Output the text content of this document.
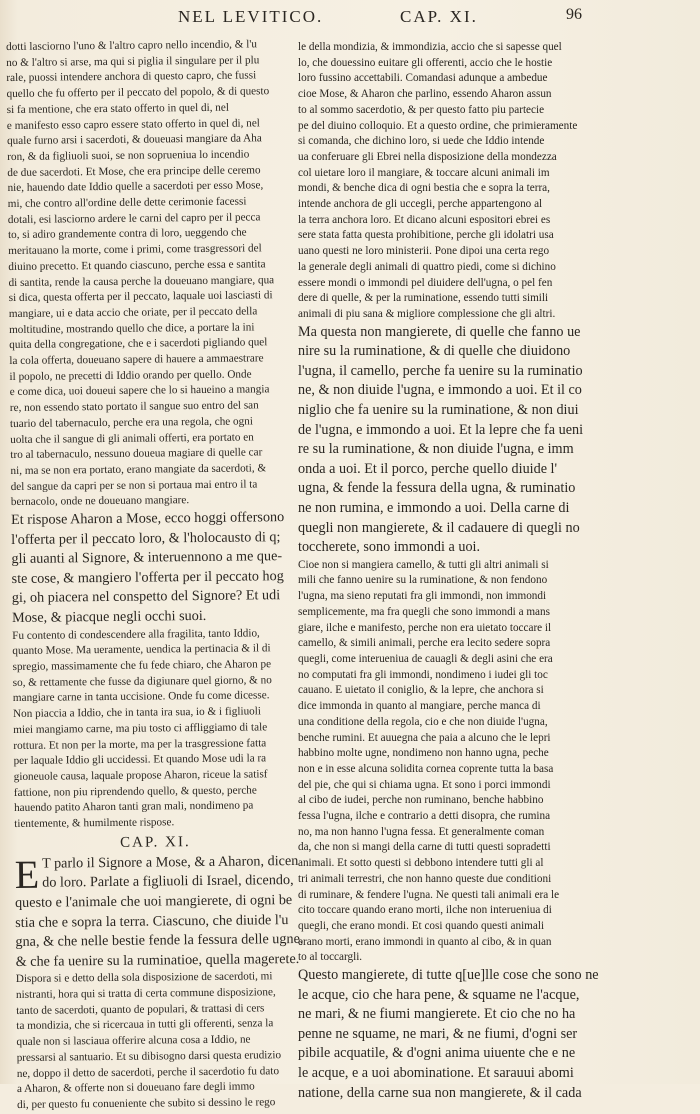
NEL LEVITICO.	CAP. XI.	96
dotti lasciorno l'uno & l'altro capro nello incendio, & l'u
no & l'altro si arse, ma qui si piglia il singulare per il plu
rale, puossi intendere anchora di questo capro, che fussi
quello che fu offerto per il peccato del popolo, & di questo
si fa mentione, che era stato offerto in quel di, nel
e manifesto esso capro essere stato offerto in quel di, nel
quale furno arsi i sacerdoti, & doueuasi mangiare da Aha
ron, & da figliuoli suoi, se non soprueniua lo incendio
de due sacerdoti. Et Mose, che era principe delle ceremo
nie, hauendo date Iddio quelle a sacerdoti per esso Mose,
mi, che contro all'ordine delle dette cerimonie facessi
dotali, esi lasciorno ardere le carni del capro per il pecca
to, si adiro grandemente contra di loro, ueggendo che
meritauano la morte, come i primi, come trasgressori del
diuino precetto. Et quando ciascuno, perche essa e santita
di santita, rende la causa perche la doueuano mangiare, qua
si dica, questa offerta per il peccato, laquale uoi lasciasti di
mangiare, ui e data accio che oriate, per il peccato della
moltitudine, mostrando quello che dice, a portare la ini
quita della congregatione, che e i sacerdoti pigliando quel
la cola offerta, doueuano sapere di hauere a ammaestrare
il popolo, ne precetti di Iddio orando per quello. Onde
e come dica, uoi doueui sapere che lo si haueino a mangia
re, non essendo stato portato il sangue suo entro del san
tuario del tabernaculo, perche era una regola, che ogni
uolta che il sangue di gli animali offerti, era portato en
tro al tabernaculo, nessuno doueua magiare di quelle car
ni, ma se non era portato, erano mangiate da sacerdoti, &
del sangue da capri per se non si portaua mai entro il ta
bernacolo, onde ne doueuano mangiare.
Et rispose Aharon a Mose, ecco hoggi offersono
l'offerta per il peccato loro, & l'holocausto di q;
gli auanti al Signore, & interuennono a me que-
ste cose, & mangiero l'offerta per il peccato hog
gi, oh piacera nel conspetto del Signore? Et udi
Mose, & piacque negli occhi suoi.
Fu contento di condescendere alla fragilita, tanto Iddio,
quanto Mose. Ma ueramente, uendica la pertinacia & il di
spregio, massimamente che fu fede chiaro, che Aharon pe
so, & rettamente che fusse da digiunare quel giorno, & no
mangiare carne in tanta uccisione. Onde fu come dicesse.
Non piaccia a Iddio, che in tanta ira sua, io & i figliuoli
miei mangiamo carne, ma piu tosto ci affliggiamo di tale
rottura. Et non per la morte, ma per la trasgressione fatta
per laquale Iddio gli uccidessi. Et quando Mose udi la ra
gioneuole causa, laquale propose Aharon, riceue la satisf
fattione, non piu riprendendo quello, & questo, perche
hauendo patito Aharon tanti gran mali, nondimeno pa
tientemente, & humilmente rispose.
CAP. XI.
E T parlo il Signore a Mose, & a Aharon, dicen
do loro. Parlate a figliuoli di Israel, dicendo,
questo e l'animale che uoi mangierete, di ogni be
stia che e sopra la terra. Ciascuno, che diuide l'u
gna, & che nelle bestie fende la fessura delle ugne,
& che fa uenire su la ruminatioe, quella magerete.
Dispora si e detto della sola disposizione de sacerdoti, mi
nistranti, hora qui si tratta di certa commune disposizione,
tanto de sacerdoti, quanto de populari, & trattasi di cers
ta mondizia, che si ricercaua in tutti gli offerenti, senza la
quale non si lasciaua offerire alcuna cosa a Iddio, ne
pressarsi al santuario. Et su dibisogno darsi questa erudizio
ne, doppo il detto de sacerdoti, perche il sacerdotio fu dato
a Aharon, & offerte non si doueuano fare degli immo
di, per questo fu conueniente che subito si dessino le rego
le della mondizia, & immondizia, accio che si sapesse quel
lo, che douessino euitare gli offerenti, accio che le hostie
loro fussino accettabili. Comandasi adunque a ambedue
cioe Mose, & Aharon che parlino, essendo Aharon assun
to al sommo sacerdotio, & per questo fatto piu partecie
pe del diuino colloquio. Et a questo ordine, che primieramente
si comanda, che dichino loro, si uede che Iddio intende
ua conferuare gli Ebrei nella disposizione della mondezza
col uietare loro il mangiare, & toccare alcuni animali im
mondi, & benche dica di ogni bestia che e sopra la terra,
intende anchora de gli uccegli, perche appartengono al
la terra anchora loro. Et dicano alcuni espositori ebrei es
sere stata fatta questa prohibitione, perche gli idolatri usa
uano questi ne loro ministerii. Pone dipoi una certa rego
la generale degli animali di quattro piedi, come si dichino
essere mondi o immondi pel diuidere dell'ugna, o pel fen
dere di quelle, & per la ruminatione, essendo tutti simili
animali di piu sana & migliore complessione che gli altri.
Ma questa non mangierete, di quelle che fanno ue
nire su la ruminatione, & di quelle che diuidono
l'ugna, il camello, perche fa uenire su la ruminatio
ne, & non diuide l'ugna, e immondo a uoi. Et il co
niglio che fa uenire su la ruminatione, & non diui
de l'ugna, e immondo a uoi. Et la lepre che fa ueni
re su la ruminatione, & non diuide l'ugna, e imm
onda a uoi. Et il porco, perche quello diuide l'
ugna, & fende la fessura della ugna, & ruminatio
ne non rumina, e immondo a uoi. Della carne di
quegli non mangierete, & il cadauere di quegli no
toccherete, sono immondi a uoi.
Cioe non si mangiera camello, & tutti gli altri animali si
mili che fanno uenire su la ruminatione, & non fendono
l'ugna, ma sieno reputati fra gli immondi, non immondi
semplicemente, ma fra quegli che sono immondi a mans
giare, ilche e manifesto, perche non era uietato toccare il
camello, & simili animali, perche era lecito sedere sopra
quegli, come interueniua de cauagli & degli asini che era
no computati fra gli immondi, nondimeno i iudei gli toc
cauano. E uietato il coniglio, & la lepre, che anchora si
dice immonda in quanto al mangiare, perche manca di
una conditione della regola, cio e che non diuide l'ugna,
benche rumini. Et auuegna che paia a alcuno che le lepri
habbino molte ugne, nondimeno non hanno ugna, peche
non e in esse alcuna solidita cornea coprente tutta la basa
del pie, che qui si chiama ugna. Et sono i porci immondi
al cibo de iudei, perche non ruminano, benche habbino
fessa l'ugna, ilche e contrario a detti disopra, che rumina
no, ma non hanno l'ugna fessa. Et generalmente coman
da, che non si mangi della carne di tutti questi sopradetti
animali. Et sotto questi si debbono intendere tutti gli al
tri animali terrestri, che non hanno queste due conditioni
di ruminare, & fendere l'ugna. Ne questi tali animali era le
cito toccare quando erano morti, ilche non interueniua di
quegli, che erano mondi. Et cosi quando questi animali
erano morti, erano immondi in quanto al cibo, & in quan
to al toccargli.
Questo mangierete, di tutte q[ue]lle cose che sono ne
le acque, cio che hara pene, & squame ne l'acque,
ne mari, & ne fiumi mangierete. Et cio che no ha
penne ne squame, ne mari, & ne fiumi, d'ogni ser
pibile acquatile, & d'ogni anima uiuente che e ne
le acque, e a uoi abominatione. Et sarauui abomi
natione, della carne sua non mangierete, & il cada
